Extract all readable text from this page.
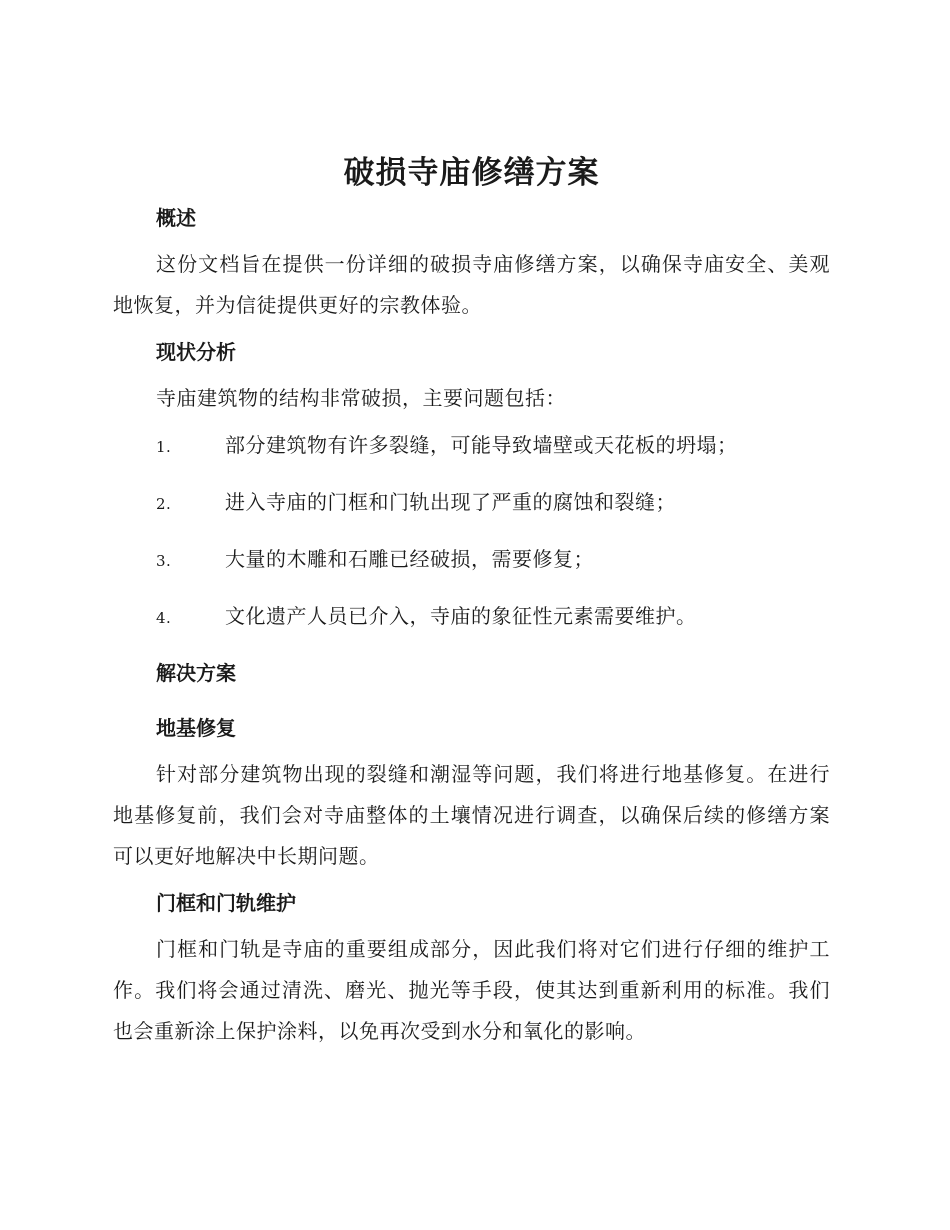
破损寺庙修缮方案
概述

这份文档旨在提供一份详细的破损寺庙修缮方案，以确保寺庙安全、美观地恢复，并为信徒提供更好的宗教体验。

现状分析

寺庙建筑物的结构非常破损，主要问题包括：

1.	部分建筑物有许多裂缝，可能导致墙壁或天花板的坍塌；
2.	进入寺庙的门框和门轨出现了严重的腐蚀和裂缝；
3.	大量的木雕和石雕已经破损，需要修复；
4.	文化遗产人员已介入，寺庙的象征性元素需要维护。
解决方案
地基修复

针对部分建筑物出现的裂缝和潮湿等问题，我们将进行地基修复。在进行地基修复前，我们会对寺庙整体的土壤情况进行调查，以确保后续的修缮方案可以更好地解决中长期问题。

门框和门轨维护

门框和门轨是寺庙的重要组成部分，因此我们将对它们进行仔细的维护工作。我们将会通过清洗、磨光、抛光等手段，使其达到重新利用的标准。我们也会重新涂上保护涂料，以免再次受到水分和氧化的影响。
